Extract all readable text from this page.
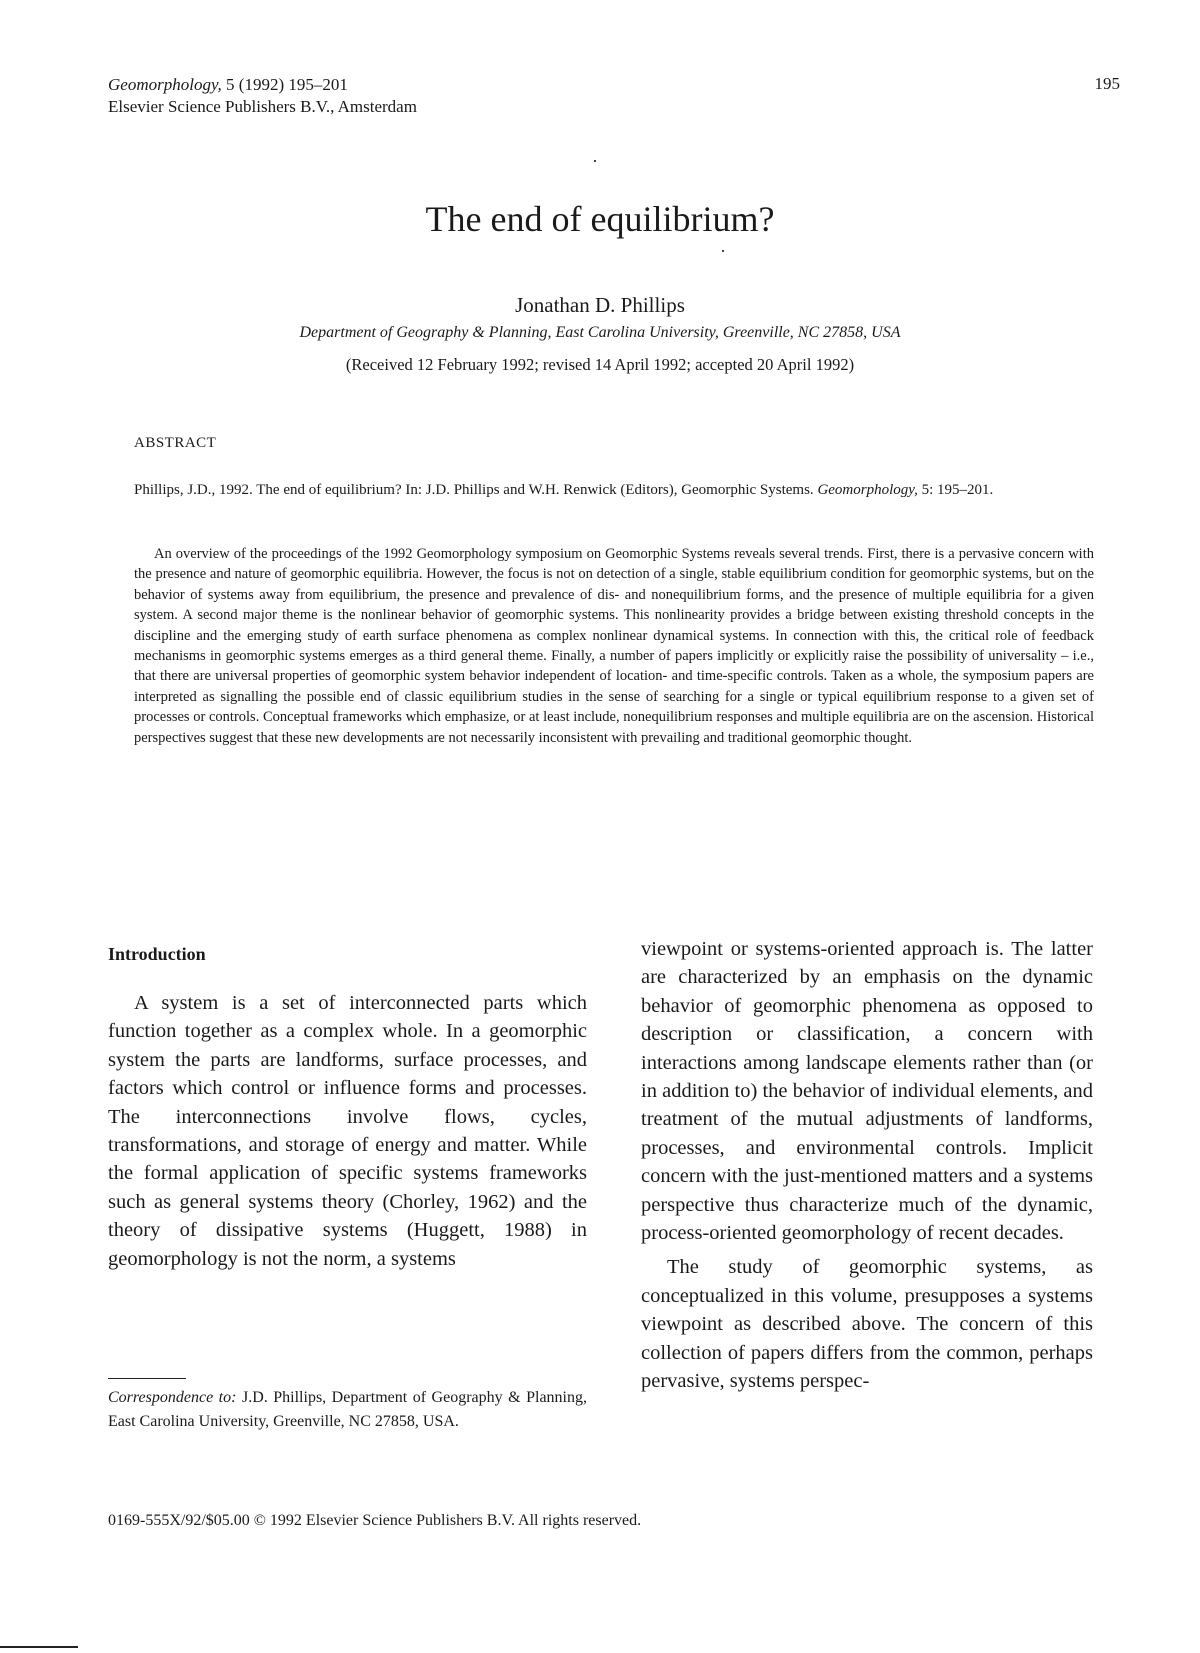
Geomorphology, 5 (1992) 195–201
Elsevier Science Publishers B.V., Amsterdam
195
The end of equilibrium?
Jonathan D. Phillips
Department of Geography & Planning, East Carolina University, Greenville, NC 27858, USA
(Received 12 February 1992; revised 14 April 1992; accepted 20 April 1992)
ABSTRACT
Phillips, J.D., 1992. The end of equilibrium? In: J.D. Phillips and W.H. Renwick (Editors), Geomorphic Systems. Geomorphology, 5: 195–201.
An overview of the proceedings of the 1992 Geomorphology symposium on Geomorphic Systems reveals several trends. First, there is a pervasive concern with the presence and nature of geomorphic equilibria. However, the focus is not on detection of a single, stable equilibrium condition for geomorphic systems, but on the behavior of systems away from equilibrium, the presence and prevalence of dis- and nonequilibrium forms, and the presence of multiple equilibria for a given system. A second major theme is the nonlinear behavior of geomorphic systems. This nonlinearity provides a bridge between existing threshold concepts in the discipline and the emerging study of earth surface phenomena as complex nonlinear dynamical systems. In connection with this, the critical role of feedback mechanisms in geomorphic systems emerges as a third general theme. Finally, a number of papers implicitly or explicitly raise the possibility of universality – i.e., that there are universal properties of geomorphic system behavior independent of location- and time-specific controls. Taken as a whole, the symposium papers are interpreted as signalling the possible end of classic equilibrium studies in the sense of searching for a single or typical equilibrium response to a given set of processes or controls. Conceptual frameworks which emphasize, or at least include, nonequilibrium responses and multiple equilibria are on the ascension. Historical perspectives suggest that these new developments are not necessarily inconsistent with prevailing and traditional geomorphic thought.
Introduction

A system is a set of interconnected parts which function together as a complex whole. In a geomorphic system the parts are landforms, surface processes, and factors which control or influence forms and processes. The interconnections involve flows, cycles, transformations, and storage of energy and matter. While the formal application of specific systems frameworks such as general systems theory (Chorley, 1962) and the theory of dissipative systems (Huggett, 1988) in geomorphology is not the norm, a systems

viewpoint or systems-oriented approach is. The latter are characterized by an emphasis on the dynamic behavior of geomorphic phenomena as opposed to description or classification, a concern with interactions among landscape elements rather than (or in addition to) the behavior of individual elements, and treatment of the mutual adjustments of landforms, processes, and environmental controls. Implicit concern with the just-mentioned matters and a systems perspective thus characterize much of the dynamic, process-oriented geomorphology of recent decades.

The study of geomorphic systems, as conceptualized in this volume, presupposes a systems viewpoint as described above. The concern of this collection of papers differs from the common, perhaps pervasive, systems perspec-

Correspondence to: J.D. Phillips, Department of Geography & Planning, East Carolina University, Greenville, NC 27858, USA.
0169-555X/92/$05.00 © 1992 Elsevier Science Publishers B.V. All rights reserved.
